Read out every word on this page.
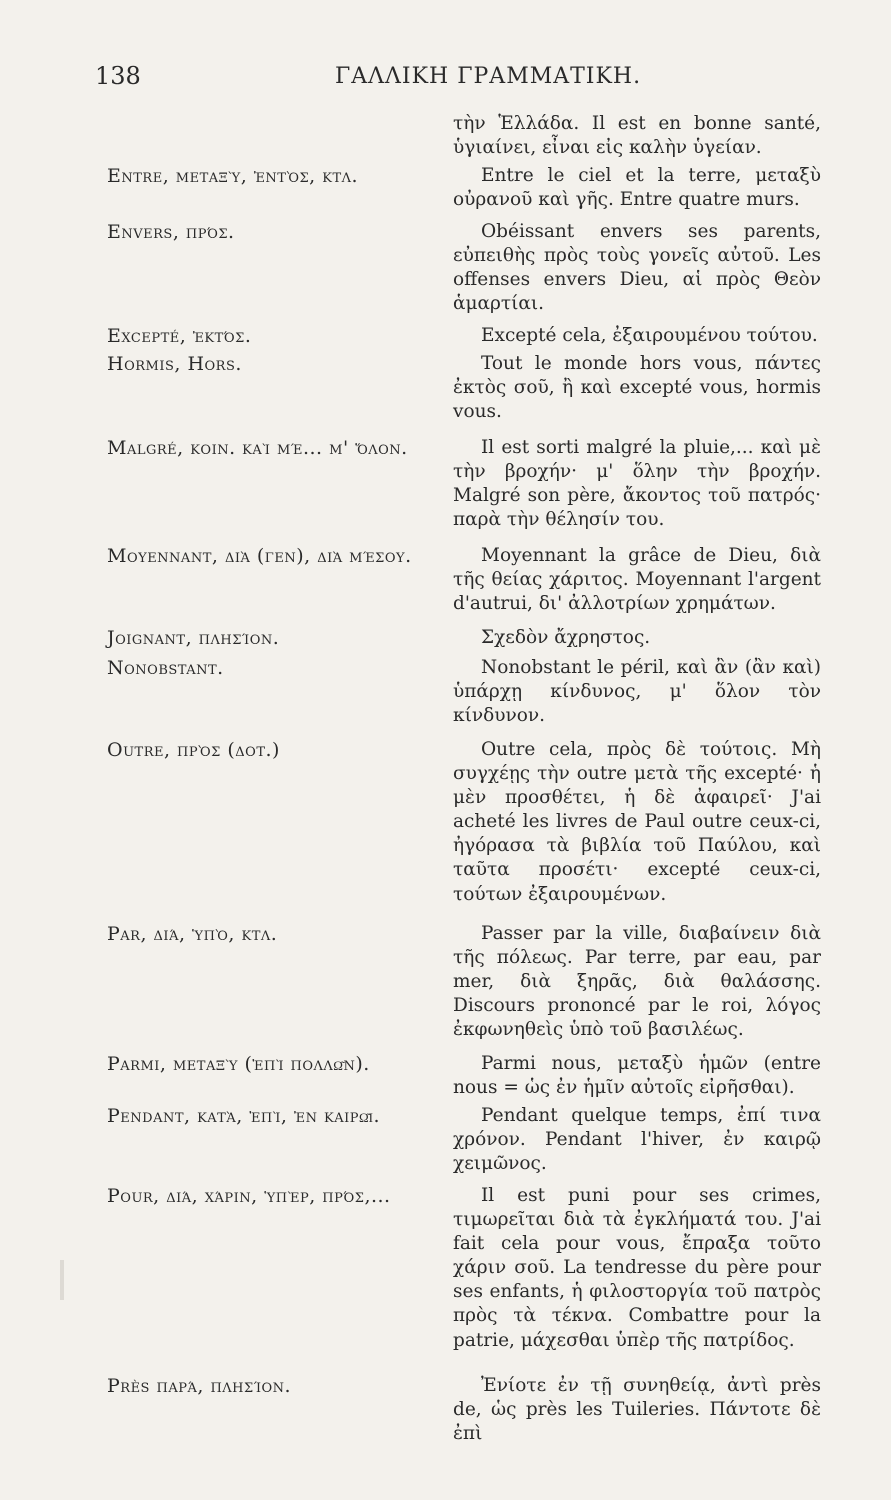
138	ΓΑΛΛΙΚΗ ΓΡΑΜΜΑΤΙΚΗ.
τὴν Ἑλλάδα. Il est en bonne santé, ὑγιαίνει, εἶναι εἰς καλὴν ὑγείαν.
Entre, μεταξὺ, ἐντὸς, κτλ.	Entre le ciel et la terre, μεταξὺ οὐρανοῦ καὶ γῆς. Entre quatre murs.
Envers, πρός.	Obéissant envers ses parents, εὐπειθὴς πρὸς τοὺς γονεῖς αὐτοῦ. Les offenses envers Dieu, αἱ πρὸς Θεὸν ἁμαρτίαι.
Excepté, ἐκτός.	Excepté cela, ἐξαιρουμένου τούτου.
Hormis, Hors.	Tout le monde hors vous, πάντες ἐκτὸς σοῦ, ἢ καὶ excepté vous, hormis vous.
Malgré, κοιν. καὶ μέ... μ' ὅλον.	Il est sorti malgré la pluie,... καὶ μὲ τὴν βροχήν· μ' ὅλην τὴν βροχήν. Malgré son père, ἄκοντος τοῦ πατρός· παρὰ τὴν θέλησίν του.
Moyennant, διὰ (γεν), διὰ μέσου.	Moyennant la grâce de Dieu, διὰ τῆς θείας χάριτος. Moyennant l'argent d'autrui, δι' ἀλλοτρίων χρημάτων.
Joignant, πλησίον.	Σχεδὸν ἄχρηστος.
Nonobstant.	Nonobstant le péril, καὶ ἂν (ἂν καὶ) ὑπάρχῃ κίνδυνος, μ' ὅλον τὸν κίνδυνον.
Outre, πρὸς (δοτ.)	Outre cela, πρὸς δὲ τούτοις. Μὴ συγχέῃς τὴν outre μετὰ τῆς excepté· ἡ μὲν προσθέτει, ἡ δὲ ἀφαιρεῖ· J'ai acheté les livres de Paul outre ceux-ci, ἠγόρασα τὰ βιβλία τοῦ Παύλου, καὶ ταῦτα προσέτι· excepté ceux-ci, τούτων ἐξαιρουμένων.
Par, διά, ὑπὸ, κτλ.	Passer par la ville, διαβαίνειν διὰ τῆς πόλεως. Par terre, par eau, par mer, διὰ ξηρᾶς, διὰ θαλάσσης. Discours prononcé par le roi, λόγος ἐκφωνηθεὶς ὑπὸ τοῦ βασιλέως.
Parmi, μεταξὺ (ἐπὶ πολλῶν).	Parmi nous, μεταξὺ ἡμῶν (entre nous = ὡς ἐν ἡμῖν αὐτοῖς εἰρῆσθαι).
Pendant, κατὰ, ἐπὶ, ἐν καιρῷ.	Pendant quelque temps, ἐπί τινα χρόνον. Pendant l'hiver, ἐν καιρῷ χειμῶνος.
Pour, διά, χάριν, ὑπὲρ, πρός,...	Il est puni pour ses crimes, τιμωρεῖται διὰ τὰ ἐγκλήματά του. J'ai fait cela pour vous, ἔπραξα τοῦτο χάριν σοῦ. La tendresse du père pour ses enfants, ἡ φιλοστοργία τοῦ πατρὸς πρὸς τὰ τέκνα. Combattre pour la patrie, μάχεσθαι ὑπὲρ τῆς πατρίδος.
Près παρά, πλησίον.	Ἐνίοτε ἐν τῇ συνηθείᾳ, ἀντὶ près de, ὡς près les Tuileries. Πάντοτε δὲ ἐπὶ
